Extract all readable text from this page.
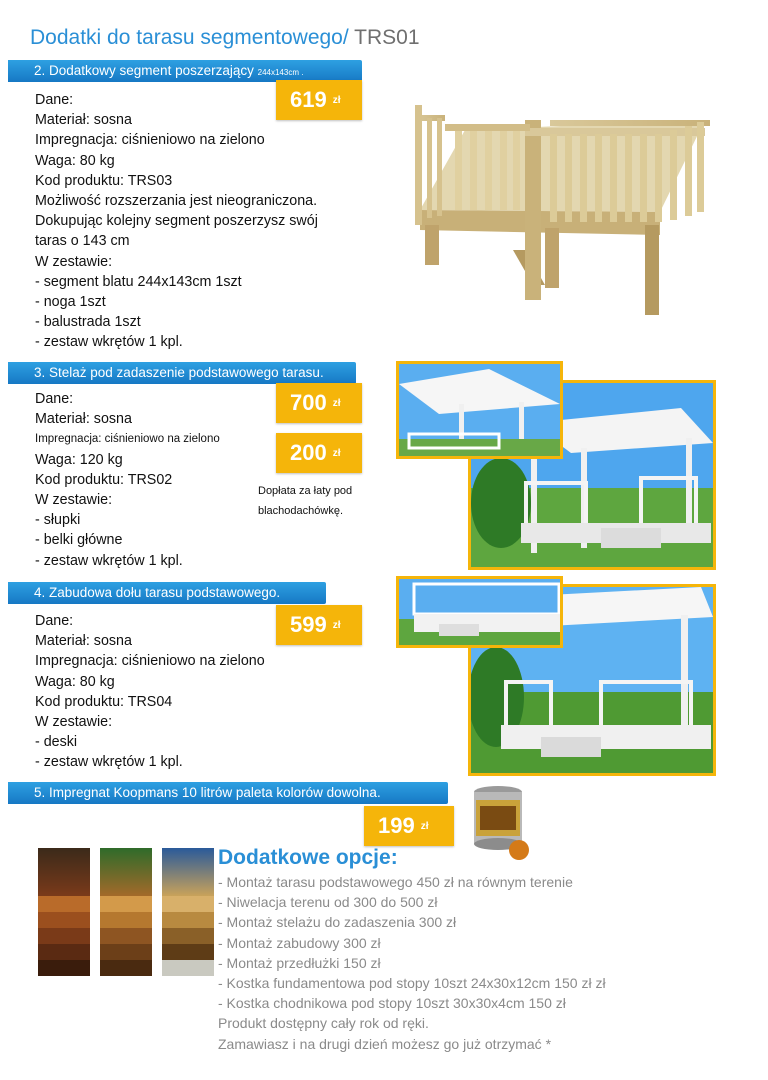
Dodatki do tarasu segmentowego/ TRS01
2. Dodatkowy segment poszerzający 244x143cm .
619 zł
Dane:
Materiał: sosna
Impregnacja: ciśnieniowo na zielono
Waga: 80 kg
Kod produktu: TRS03
Możliwość rozszerzania jest nieograniczona.
Dokupując kolejny segment poszerzysz swój
taras o 143 cm
W zestawie:
- segment blatu 244x143cm 1szt
- noga 1szt
- balustrada 1szt
- zestaw wkrętów 1 kpl.
3. Stelaż pod zadaszenie podstawowego tarasu.
700 zł
200 zł
Dane:
Materiał: sosna
Impregnacja: ciśnieniowo na zielono
Waga: 120 kg
Kod produktu: TRS02
W zestawie:
- słupki
- belki główne
- zestaw wkrętów 1 kpl.
Dopłata za łaty pod
blachodachówkę.
4. Zabudowa dołu tarasu podstawowego.
599 zł
Dane:
Materiał: sosna
Impregnacja: ciśnieniowo na zielono
Waga: 80 kg
Kod produktu: TRS04
W zestawie:
- deski
- zestaw wkrętów 1 kpl.
5. Impregnat Koopmans 10 litrów paleta kolorów dowolna.
199 zł
Dodatkowe opcje:
- Montaż tarasu podstawowego 450 zł na równym terenie
- Niwelacja terenu od 300 do 500 zł
- Montaż stelażu do zadaszenia 300 zł
- Montaż zabudowy 300 zł
- Montaż przedłużki 150 zł
- Kostka fundamentowa pod stopy 10szt 24x30x12cm 150 zł zł
- Kostka chodnikowa pod stopy 10szt 30x30x4cm 150 zł
Produkt dostępny cały rok od ręki.
Zamawiasz i na drugi dzień możesz go już otrzymać *
